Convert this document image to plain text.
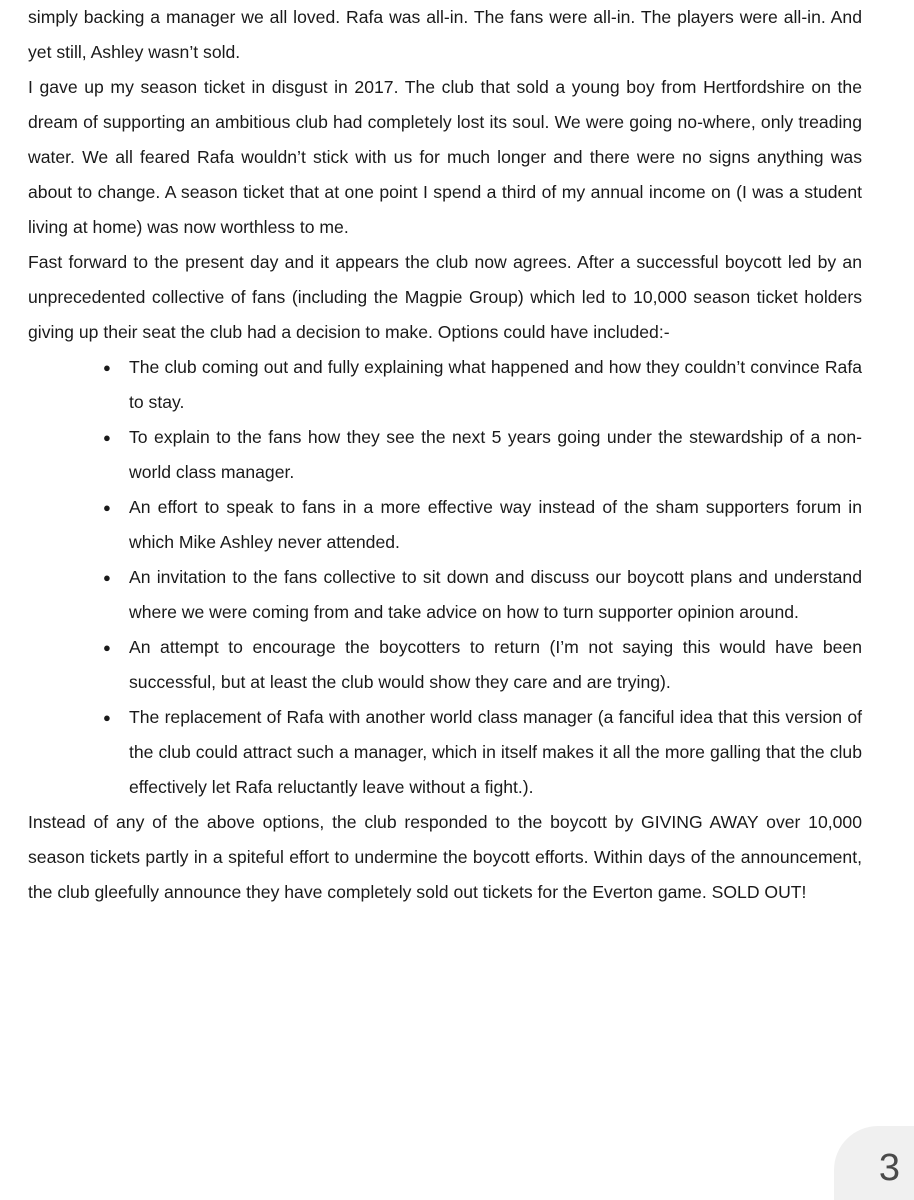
simply backing a manager we all loved. Rafa was all-in. The fans were all-in. The players were all-in. And yet still, Ashley wasn’t sold.

I gave up my season ticket in disgust in 2017. The club that sold a young boy from Hertfordshire on the dream of supporting an ambitious club had completely lost its soul. We were going no-where, only treading water. We all feared Rafa wouldn’t stick with us for much longer and there were no signs anything was about to change. A season ticket that at one point I spend a third of my annual income on (I was a student living at home) was now worthless to me.

Fast forward to the present day and it appears the club now agrees. After a successful boycott led by an unprecedented collective of fans (including the Magpie Group) which led to 10,000 season ticket holders giving up their seat the club had a decision to make. Options could have included:-

● The club coming out and fully explaining what happened and how they couldn’t convince Rafa to stay.
● To explain to the fans how they see the next 5 years going under the stewardship of a non-world class manager.
● An effort to speak to fans in a more effective way instead of the sham supporters forum in which Mike Ashley never attended.
● An invitation to the fans collective to sit down and discuss our boycott plans and understand where we were coming from and take advice on how to turn supporter opinion around.
● An attempt to encourage the boycotters to return (I’m not saying this would have been successful, but at least the club would show they care and are trying).
● The replacement of Rafa with another world class manager (a fanciful idea that this version of the club could attract such a manager, which in itself makes it all the more galling that the club effectively let Rafa reluctantly leave without a fight.).

Instead of any of the above options, the club responded to the boycott by GIVING AWAY over 10,000 season tickets partly in a spiteful effort to undermine the boycott efforts. Within days of the announcement, the club gleefully announce they have completely sold out tickets for the Everton game. SOLD OUT!

3
